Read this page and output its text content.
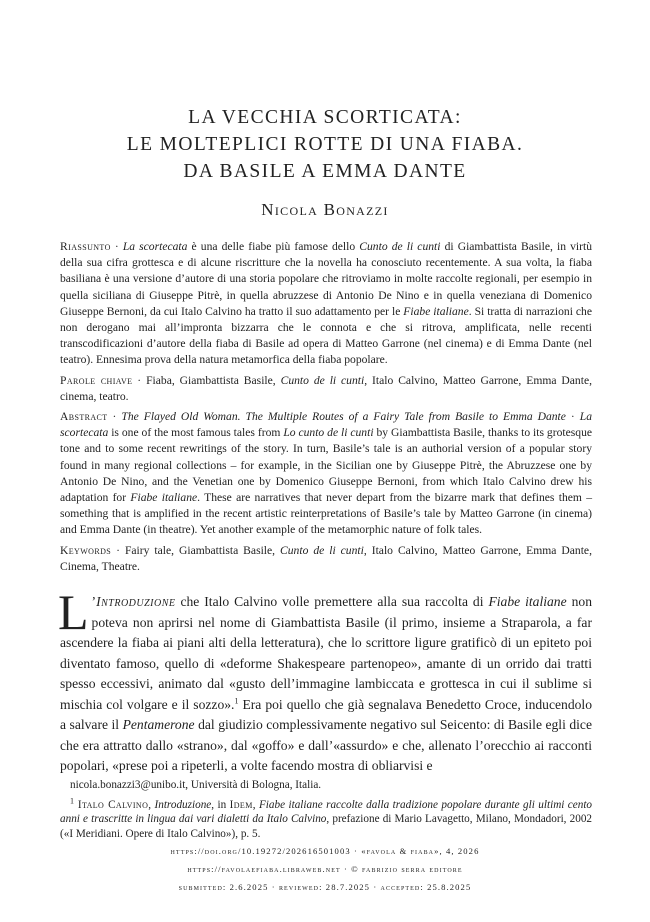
LA VECCHIA SCORTICATA:
LE MOLTEPLICI ROTTE DI UNA FIABA.
DA BASILE A EMMA DANTE
Nicola Bonazzi
Riassunto · La scortecata è una delle fiabe più famose dello Cunto de li cunti di Giambattista Basile, in virtù della sua cifra grottesca e di alcune riscritture che la novella ha conosciuto recentemente. A sua volta, la fiaba basiliana è una versione d’autore di una storia popolare che ritroviamo in molte raccolte regionali, per esempio in quella siciliana di Giuseppe Pitrè, in quella abruzzese di Antonio De Nino e in quella veneziana di Domenico Giuseppe Bernoni, da cui Italo Calvino ha tratto il suo adattamento per le Fiabe italiane. Si tratta di narrazioni che non derogano mai all’impronta bizzarra che le connota e che si ritrova, amplificata, nelle recenti transcodificazioni d’autore della fiaba di Basile ad opera di Matteo Garrone (nel cinema) e di Emma Dante (nel teatro). Ennesima prova della natura metamorfica della fiaba popolare.
Parole chiave · Fiaba, Giambattista Basile, Cunto de li cunti, Italo Calvino, Matteo Garrone, Emma Dante, cinema, teatro.
Abstract · The Flayed Old Woman. The Multiple Routes of a Fairy Tale from Basile to Emma Dante · La scortecata is one of the most famous tales from Lo cunto de li cunti by Giambattista Basile, thanks to its grotesque tone and to some recent rewritings of the story. In turn, Basile’s tale is an authorial version of a popular story found in many regional collections – for example, in the Sicilian one by Giuseppe Pitrè, the Abruzzese one by Antonio De Nino, and the Venetian one by Domenico Giuseppe Bernoni, from which Italo Calvino drew his adaptation for Fiabe italiane. These are narratives that never depart from the bizarre mark that defines them – something that is amplified in the recent artistic reinterpretations of Basile’s tale by Matteo Garrone (in cinema) and Emma Dante (in theatre). Yet another example of the metamorphic nature of folk tales.
Keywords · Fairy tale, Giambattista Basile, Cunto de li cunti, Italo Calvino, Matteo Garrone, Emma Dante, Cinema, Theatre.
L ’Introduzione che Italo Calvino volle premettere alla sua raccolta di Fiabe italiane non poteva non aprirsi nel nome di Giambattista Basile (il primo, insieme a Straparola, a far ascendere la fiaba ai piani alti della letteratura), che lo scrittore ligure gratificò di un epiteto poi diventato famoso, quello di «deforme Shakespeare partenopeo», amante di un orrido dai tratti spesso eccessivi, animato dal «gusto dell’immagine lambiccata e grottesca in cui il sublime si mischia col volgare e il sozzo».$^1$ Era poi quello che già segnalava Benedetto Croce, inducendolo a salvare il Pentamerone dal giudizio complessivamente negativo sul Seicento: di Basile egli dice che era attratto dallo «strano», dal «goffo» e dall’«assurdo» e che, allenato l’orecchio ai racconti popolari, «prese poi a ripeterli, a volte facendo mostra di obliarvisi e
nicola.bonazzi3@unibo.it, Università di Bologna, Italia.
$^1$ Italo Calvino, Introduzione, in Idem, Fiabe italiane raccolte dalla tradizione popolare durante gli ultimi cento anni e trascritte in lingua dai vari dialetti da Italo Calvino, prefazione di Mario Lavagetto, Milano, Mondadori, 2002 («I Meridiani. Opere di Italo Calvino»), p. 5.
https://doi.org/10.19272/202616501003 · «favola & fiaba», 4, 2026
https://favolaefiaba.libraweb.net · © fabrizio serra editore
submitted: 2.6.2025 · reviewed: 28.7.2025 · accepted: 25.8.2025
